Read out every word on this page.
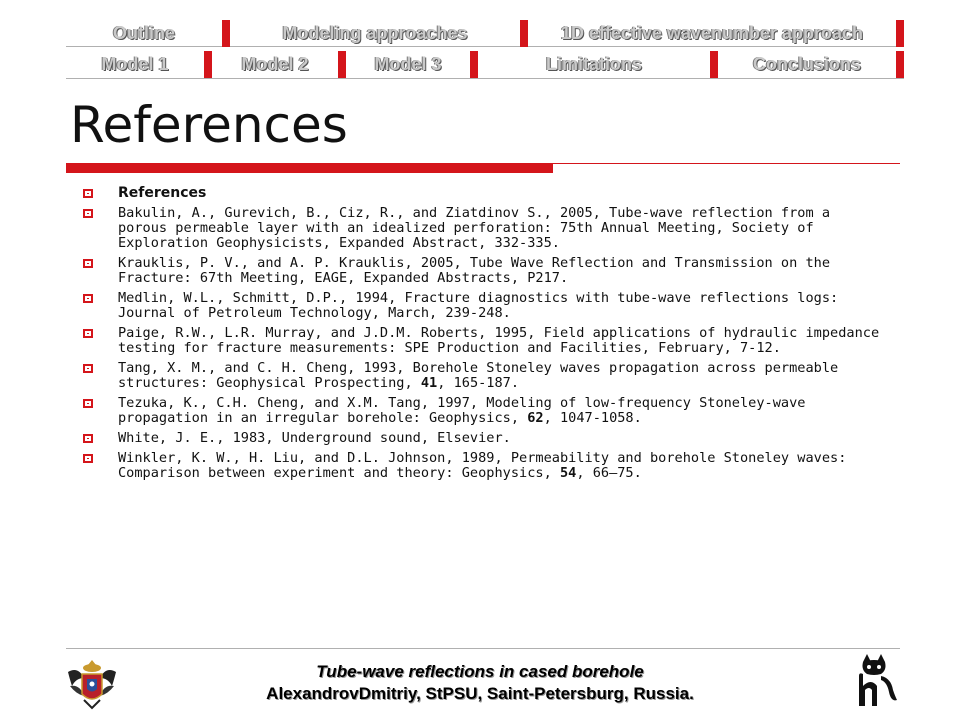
Outline	Modeling approaches	1D effective wavenumber approach
Model 1	Model 2	Model 3	Limitations	Conclusions
References
References
Bakulin, A., Gurevich, B., Ciz, R., and Ziatdinov S., 2005, Tube-wave reflection from a porous permeable layer with an idealized perforation: 75th Annual Meeting, Society of Exploration Geophysicists, Expanded Abstract, 332-335.
Krauklis, P. V., and A. P. Krauklis, 2005, Tube Wave Reflection and Transmission on the Fracture: 67th Meeting, EAGE, Expanded Abstracts, P217.
Medlin, W.L., Schmitt, D.P., 1994, Fracture diagnostics with tube-wave reflections logs: Journal of Petroleum Technology, March, 239-248.
Paige, R.W., L.R. Murray, and J.D.M. Roberts, 1995, Field applications of hydraulic impedance testing for fracture measurements: SPE Production and Facilities, February, 7-12.
Tang, X. M., and C. H. Cheng, 1993, Borehole Stoneley waves propagation across permeable structures: Geophysical Prospecting, 41, 165-187.
Tezuka, K., C.H. Cheng, and X.M. Tang, 1997, Modeling of low-frequency Stoneley-wave propagation in an irregular borehole: Geophysics, 62, 1047-1058.
White, J. E., 1983, Underground sound, Elsevier.
Winkler, K. W., H. Liu, and D.L. Johnson, 1989, Permeability and borehole Stoneley waves: Comparison between experiment and theory: Geophysics, 54, 66–75.
Tube-wave reflections in cased borehole
AlexandrovDmitriy, StPSU, Saint-Petersburg, Russia.
